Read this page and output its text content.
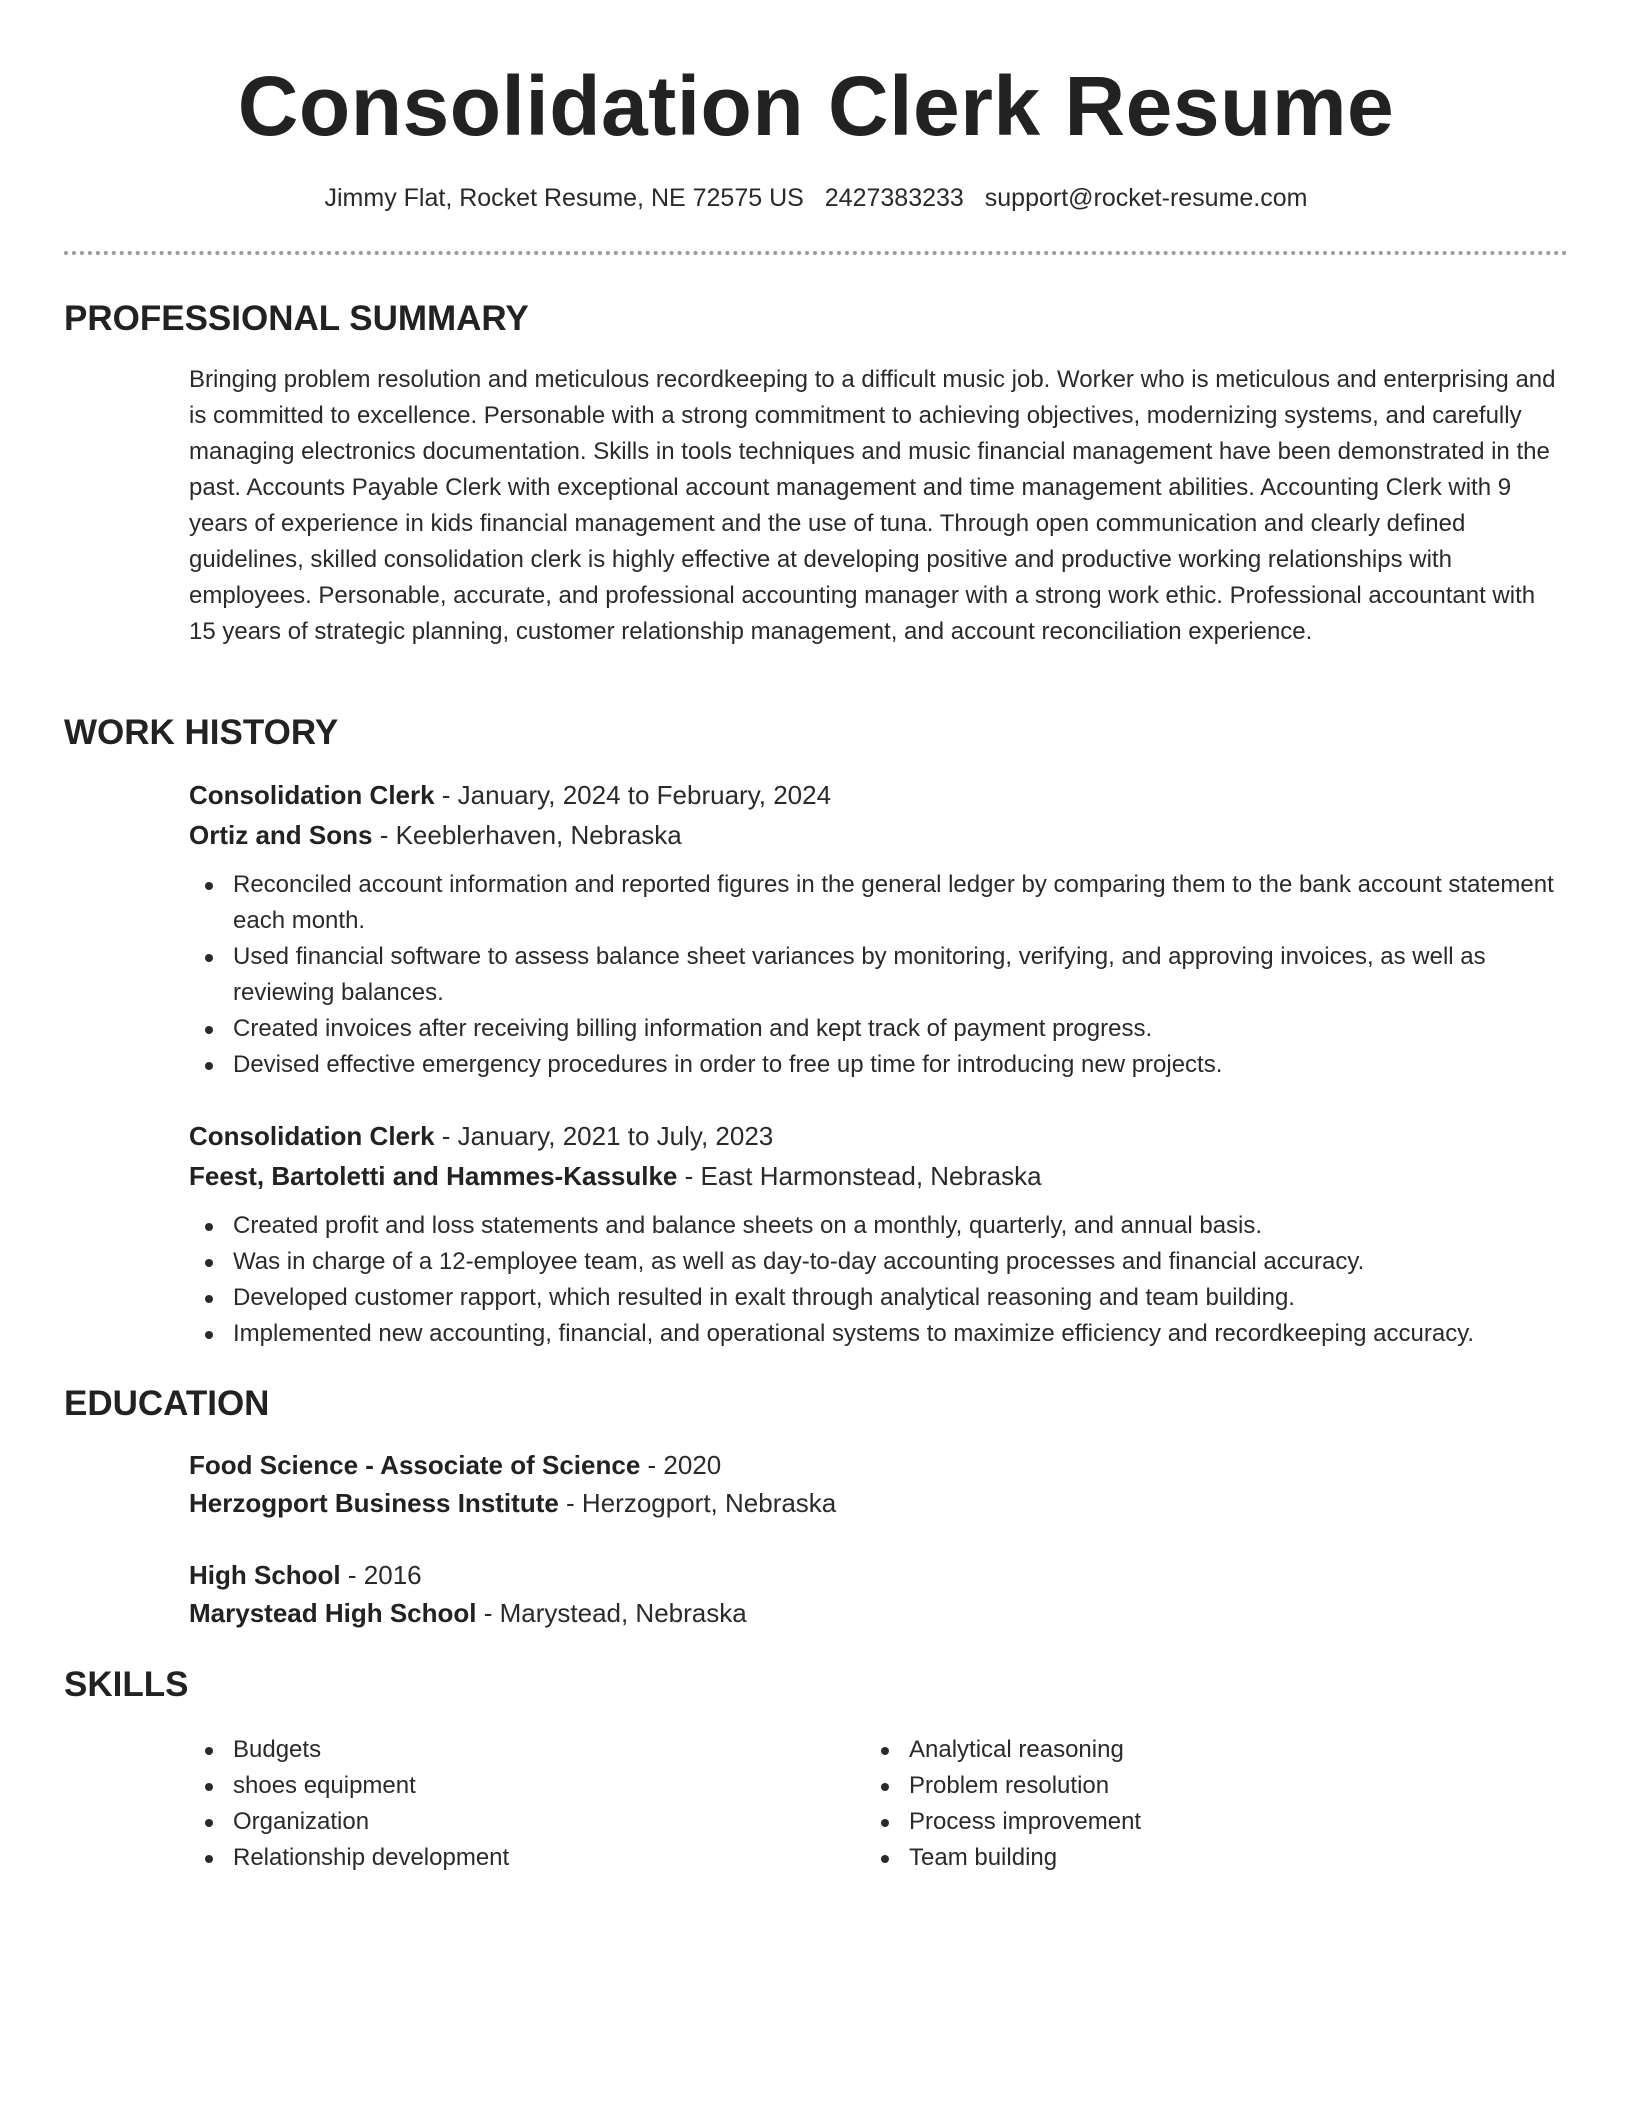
Consolidation Clerk Resume
Jimmy Flat, Rocket Resume, NE 72575 US 2427383233 support@rocket-resume.com
PROFESSIONAL SUMMARY
Bringing problem resolution and meticulous recordkeeping to a difficult music job. Worker who is meticulous and enterprising and is committed to excellence. Personable with a strong commitment to achieving objectives, modernizing systems, and carefully managing electronics documentation. Skills in tools techniques and music financial management have been demonstrated in the past. Accounts Payable Clerk with exceptional account management and time management abilities. Accounting Clerk with 9 years of experience in kids financial management and the use of tuna. Through open communication and clearly defined guidelines, skilled consolidation clerk is highly effective at developing positive and productive working relationships with employees. Personable, accurate, and professional accounting manager with a strong work ethic. Professional accountant with 15 years of strategic planning, customer relationship management, and account reconciliation experience.
WORK HISTORY
Consolidation Clerk - January, 2024 to February, 2024
Ortiz and Sons - Keeblerhaven, Nebraska
Reconciled account information and reported figures in the general ledger by comparing them to the bank account statement each month.
Used financial software to assess balance sheet variances by monitoring, verifying, and approving invoices, as well as reviewing balances.
Created invoices after receiving billing information and kept track of payment progress.
Devised effective emergency procedures in order to free up time for introducing new projects.
Consolidation Clerk - January, 2021 to July, 2023
Feest, Bartoletti and Hammes-Kassulke - East Harmonstead, Nebraska
Created profit and loss statements and balance sheets on a monthly, quarterly, and annual basis.
Was in charge of a 12-employee team, as well as day-to-day accounting processes and financial accuracy.
Developed customer rapport, which resulted in exalt through analytical reasoning and team building.
Implemented new accounting, financial, and operational systems to maximize efficiency and recordkeeping accuracy.
EDUCATION
Food Science - Associate of Science - 2020
Herzogport Business Institute - Herzogport, Nebraska
High School - 2016
Marystead High School - Marystead, Nebraska
SKILLS
Budgets
shoes equipment
Organization
Relationship development
Analytical reasoning
Problem resolution
Process improvement
Team building
